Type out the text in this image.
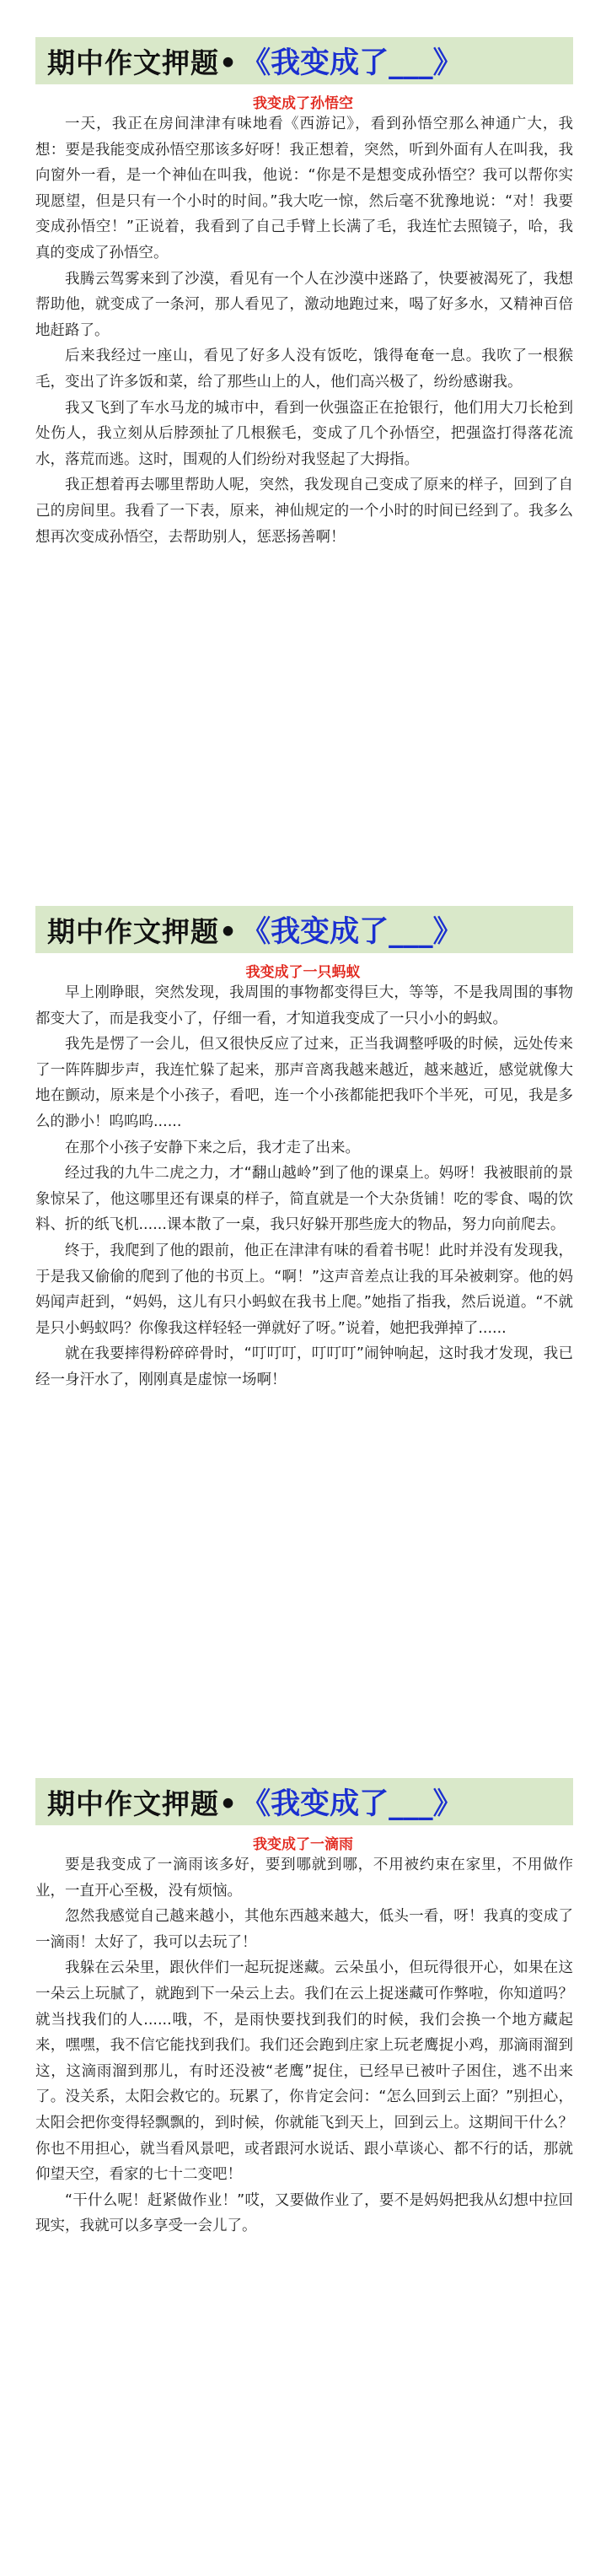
期中作文押题• 《我变成了___》
我变成了孙悟空

一天，我正在房间津津有味地看《西游记》，看到孙悟空那么神通广大，我想：要是我能变成孙悟空那该多好呀！我正想着，突然，听到外面有人在叫我，我向窗外一看，是一个神仙在叫我，他说：“你是不是想变成孙悟空？我可以帮你实现愿望，但是只有一个小时的时间。”我大吃一惊，然后毫不犹豫地说：“对！我要变成孙悟空！”正说着，我看到了自己手臂上长满了毛，我连忙去照镜子，哈，我真的变成了孙悟空。

我腾云驾雾来到了沙漠，看见有一个人在沙漠中迷路了，快要被渴死了，我想帮助他，就变成了一条河，那人看见了，激动地跑过来，喝了好多水，又精神百倍地赶路了。

后来我经过一座山，看见了好多人没有饭吃，饿得奄奄一息。我吹了一根猴毛，变出了许多饭和菜，给了那些山上的人，他们高兴极了，纷纷感谢我。

我又飞到了车水马龙的城市中，看到一伙强盗正在抢银行，他们用大刀长枪到处伤人，我立刻从后脖颈扯了几根猴毛，变成了几个孙悟空，把强盗打得落花流水，落荒而逃。这时，围观的人们纷纷对我竖起了大拇指。

我正想着再去哪里帮助人呢，突然，我发现自己变成了原来的样子，回到了自己的房间里。我看了一下表，原来，神仙规定的一个小时的时间已经到了。我多么想再次变成孙悟空，去帮助别人，惩恶扬善啊！

期中作文押题• 《我变成了___》
我变成了一只蚂蚁

早上刚睁眼，突然发现，我周围的事物都变得巨大，等等，不是我周围的事物都变大了，而是我变小了，仔细一看，才知道我变成了一只小小的蚂蚁。

我先是愣了一会儿，但又很快反应了过来，正当我调整呼吸的时候，远处传来了一阵阵脚步声，我连忙躲了起来，那声音离我越来越近，越来越近，感觉就像大地在颤动，原来是个小孩子，看吧，连一个小孩都能把我吓个半死，可见，我是多么的渺小！呜呜呜......

在那个小孩子安静下来之后，我才走了出来。

经过我的九牛二虎之力，才“翻山越岭”到了他的课桌上。妈呀！我被眼前的景象惊呆了，他这哪里还有课桌的样子，简直就是一个大杂货铺！吃的零食、喝的饮料、折的纸飞机......课本散了一桌，我只好躲开那些庞大的物品，努力向前爬去。

终于，我爬到了他的跟前，他正在津津有味的看着书呢！此时并没有发现我，于是我又偷偷的爬到了他的书页上。“啊！”这声音差点让我的耳朵被刺穿。他的妈妈闻声赶到，“妈妈，这儿有只小蚂蚁在我书上爬。”她指了指我，然后说道。“不就是只小蚂蚁吗？你像我这样轻轻一弹就好了呀。”说着，她把我弹掉了......

就在我要摔得粉碎碎骨时，“叮叮叮，叮叮叮”闹钟响起，这时我才发现，我已经一身汗水了，刚刚真是虚惊一场啊！

期中作文押题• 《我变成了___》
我变成了一滴雨

要是我变成了一滴雨该多好，要到哪就到哪，不用被约束在家里，不用做作业，一直开心至极，没有烦恼。

忽然我感觉自己越来越小，其他东西越来越大，低头一看，呀！我真的变成了一滴雨！太好了，我可以去玩了！

我躲在云朵里，跟伙伴们一起玩捉迷藏。云朵虽小，但玩得很开心，如果在这一朵云上玩腻了，就跑到下一朵云上去。我们在云上捉迷藏可作弊啦，你知道吗？就当找我们的人......哦，不，是雨快要找到我们的时候，我们会换一个地方藏起来，嘿嘿，我不信它能找到我们。我们还会跑到庄家上玩老鹰捉小鸡，那滴雨溜到这，这滴雨溜到那儿，有时还没被“老鹰”捉住，已经早已被叶子困住，逃不出来了。没关系，太阳会救它的。玩累了，你肯定会问：“怎么回到云上面？”别担心，太阳会把你变得轻飘飘的，到时候，你就能飞到天上，回到云上。这期间干什么？你也不用担心，就当看风景吧，或者跟河水说话、跟小草谈心、都不行的话，那就仰望天空，看家的七十二变吧！

“干什么呢！赶紧做作业！”哎，又要做作业了，要不是妈妈把我从幻想中拉回现实，我就可以多享受一会儿了。
